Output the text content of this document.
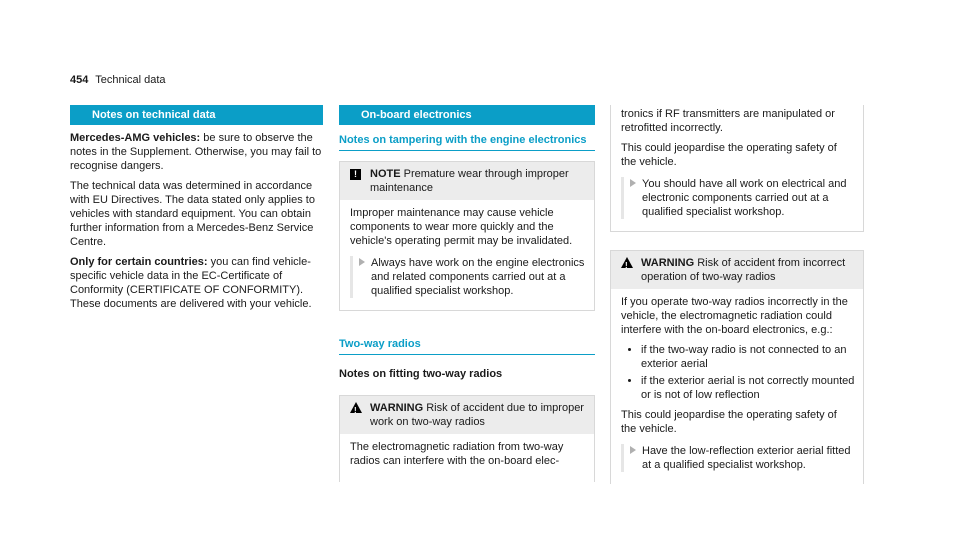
454 Technical data
Notes on technical data

Mercedes-AMG vehicles: be sure to observe the notes in the Supplement. Otherwise, you may fail to recognise dangers.

The technical data was determined in accordance with EU Directives. The data stated only applies to vehicles with standard equipment. You can obtain further information from a Mercedes-Benz Service Centre.

Only for certain countries: you can find vehicle-specific vehicle data in the EC-Certificate of Conformity (CERTIFICATE OF CONFORMITY). These documents are delivered with your vehicle.

On-board electronics
Notes on tampering with the engine electronics
!	NOTE Premature wear through improper maintenance

Improper maintenance may cause vehicle components to wear more quickly and the vehicle's operating permit may be invalidated.

Always have work on the engine electronics and related components carried out at a qualified specialist workshop.
Two-way radios
Notes on fitting two-way radios
!
WARNING Risk of accident due to improper work on two-way radios

The electromagnetic radiation from two-way radios can interfere with the on-board elec-

tronics if RF transmitters are manipulated or retrofitted incorrectly.

This could jeopardise the operating safety of the vehicle.

You should have all work on electrical and electronic components carried out at a qualified specialist workshop.
!
WARNING Risk of accident from incorrect operation of two-way radios

If you operate two-way radios incorrectly in the vehicle, the electromagnetic radiation could interfere with the on-board electronics, e.g.:

• if the two-way radio is not connected to an exterior aerial
• if the exterior aerial is not correctly mounted or is not of low reflection

This could jeopardise the operating safety of the vehicle.

Have the low-reflection exterior aerial fitted at a qualified specialist workshop.
